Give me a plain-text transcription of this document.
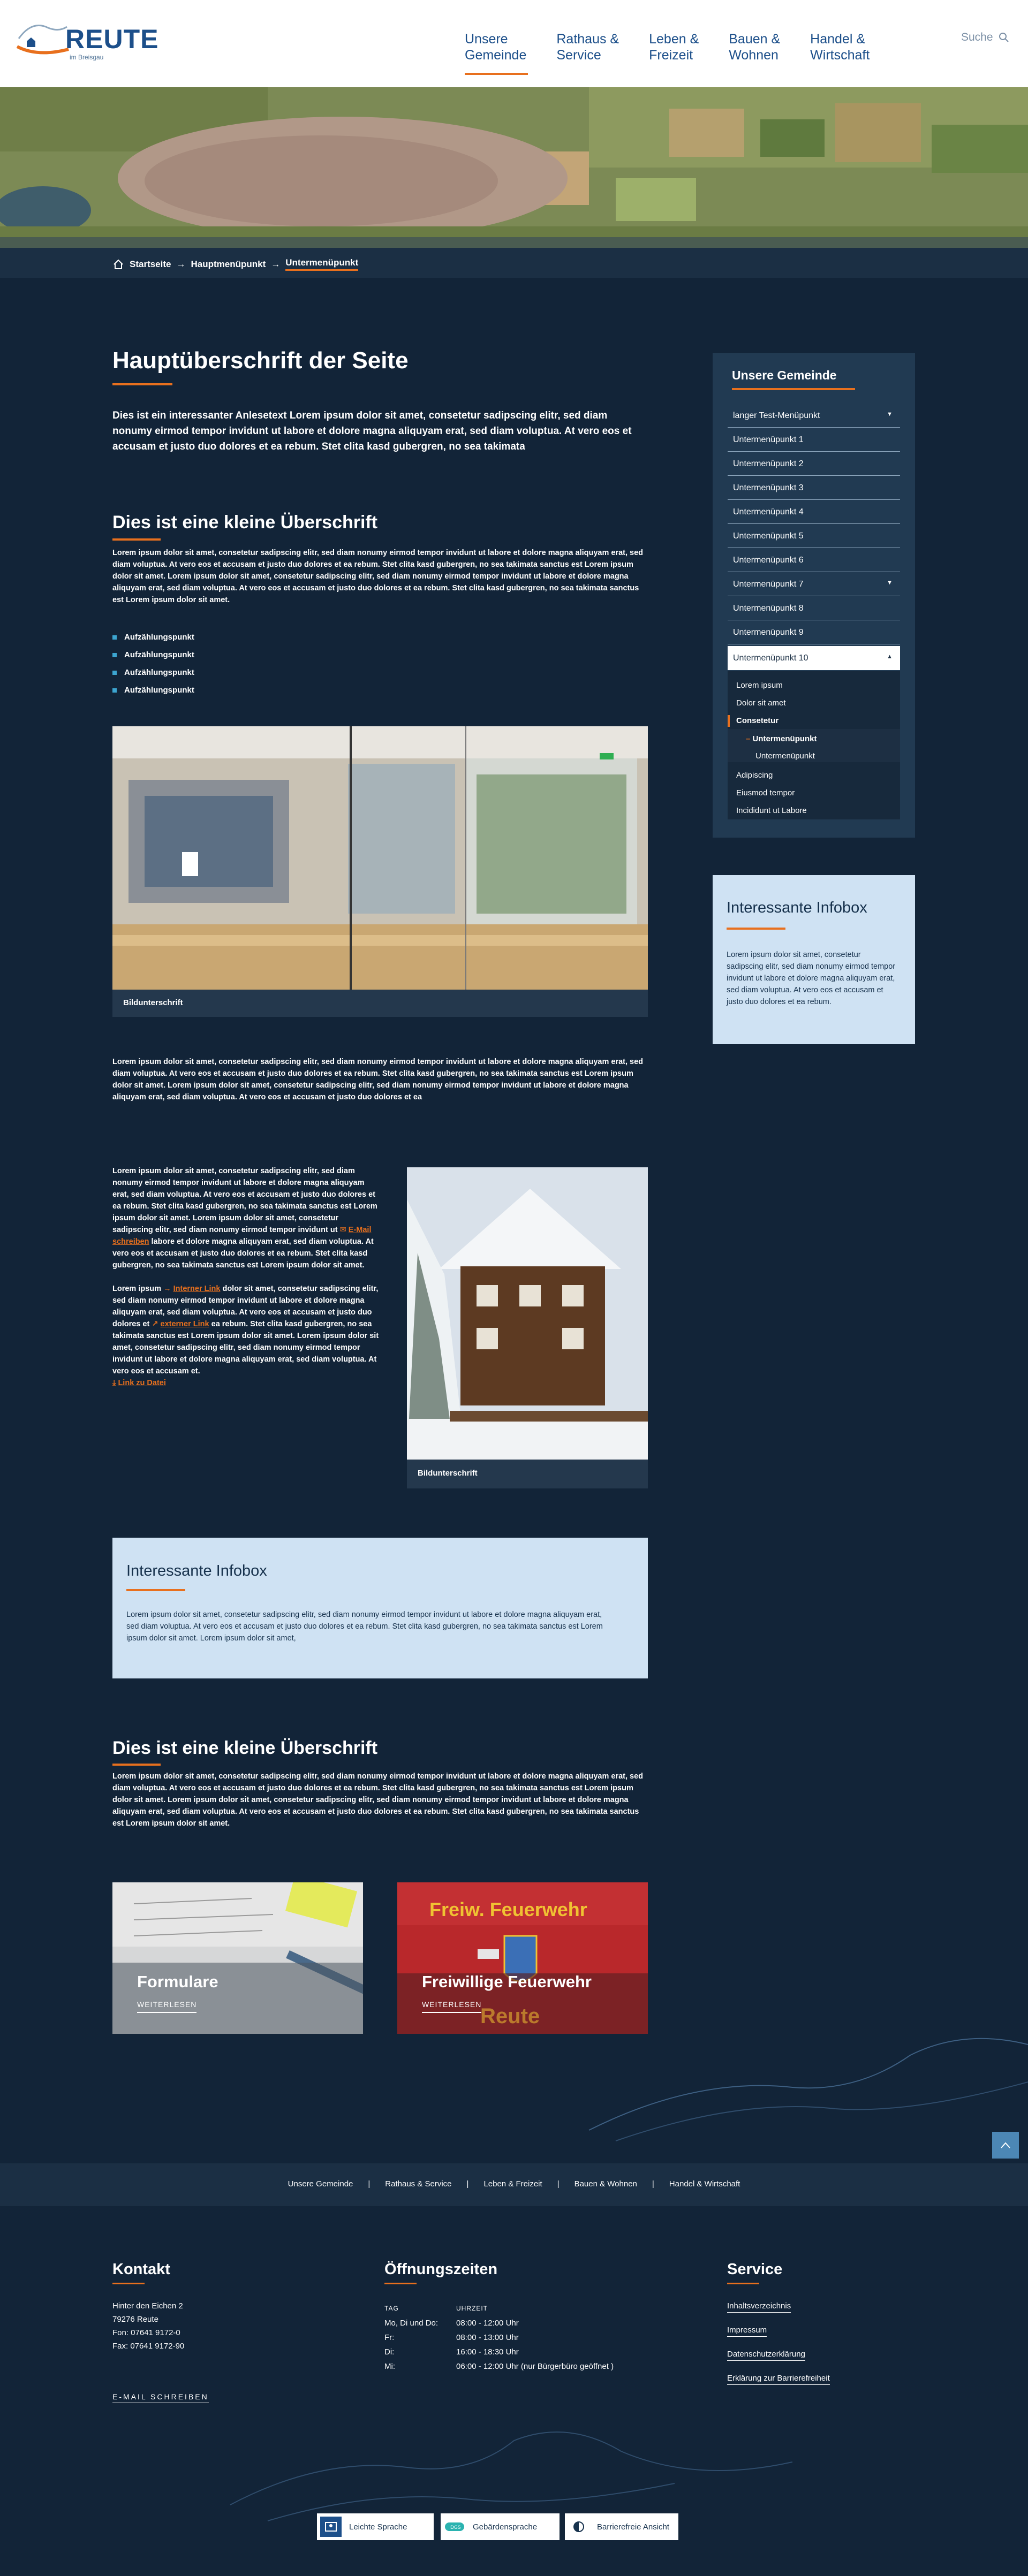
REUTE
im Breisgau
Unsere
Gemeinde
Rathaus &
Service
Leben &
Freizeit
Bauen &
Wohnen
Handel &
Wirtschaft
Suche
Startseite → Hauptmenüpunkt → Untermenüpunkt
Hauptüberschrift der Seite

Dies ist ein interessanter Anlesetext Lorem ipsum dolor sit amet, consetetur sadipscing elitr, sed diam nonumy eirmod tempor invidunt ut labore et dolore magna aliquyam erat, sed diam voluptua. At vero eos et accusam et justo duo dolores et ea rebum. Stet clita kasd gubergren, no sea takimata

Dies ist eine kleine Überschrift

Lorem ipsum dolor sit amet, consetetur sadipscing elitr, sed diam nonumy eirmod tempor invidunt ut labore et dolore magna aliquyam erat, sed diam voluptua. At vero eos et accusam et justo duo dolores et ea rebum. Stet clita kasd gubergren, no sea takimata sanctus est Lorem ipsum dolor sit amet. Lorem ipsum dolor sit amet, consetetur sadipscing elitr, sed diam nonumy eirmod tempor invidunt ut labore et dolore magna aliquyam erat, sed diam voluptua. At vero eos et accusam et justo duo dolores et ea rebum. Stet clita kasd gubergren, no sea takimata sanctus est Lorem ipsum dolor sit amet.

Aufzählungspunkt
Aufzählungspunkt
Aufzählungspunkt
Aufzählungspunkt
Bildunterschrift

Lorem ipsum dolor sit amet, consetetur sadipscing elitr, sed diam nonumy eirmod tempor invidunt ut labore et dolore magna aliquyam erat, sed diam voluptua. At vero eos et accusam et justo duo dolores et ea rebum. Stet clita kasd gubergren, no sea takimata sanctus est Lorem ipsum dolor sit amet. Lorem ipsum dolor sit amet, consetetur sadipscing elitr, sed diam nonumy eirmod tempor invidunt ut labore et dolore magna aliquyam erat, sed diam voluptua. At vero eos et accusam et justo duo dolores et ea

Lorem ipsum dolor sit amet, consetetur sadipscing elitr, sed diam nonumy eirmod tempor invidunt ut labore et dolore magna aliquyam erat, sed diam voluptua. At vero eos et accusam et justo duo dolores et ea rebum. Stet clita kasd gubergren, no sea takimata sanctus est Lorem ipsum dolor sit amet. Lorem ipsum dolor sit amet, consetetur sadipscing elitr, sed diam nonumy eirmod tempor invidunt ut ✉ E-Mail schreiben labore et dolore magna aliquyam erat, sed diam voluptua. At vero eos et accusam et justo duo dolores et ea rebum. Stet clita kasd gubergren, no sea takimata sanctus est Lorem ipsum dolor sit amet.

Lorem ipsum → Interner Link dolor sit amet, consetetur sadipscing elitr, sed diam nonumy eirmod tempor invidunt ut labore et dolore magna aliquyam erat, sed diam voluptua. At vero eos et accusam et justo duo dolores et ↗ externer Link ea rebum. Stet clita kasd gubergren, no sea takimata sanctus est Lorem ipsum dolor sit amet. Lorem ipsum dolor sit amet, consetetur sadipscing elitr, sed diam nonumy eirmod tempor invidunt ut labore et dolore magna aliquyam erat, sed diam voluptua. At vero eos et accusam et.
⤓ Link zu Datei
Bildunterschrift
Interessante Infobox

Lorem ipsum dolor sit amet, consetetur sadipscing elitr, sed diam nonumy eirmod tempor invidunt ut labore et dolore magna aliquyam erat, sed diam voluptua. At vero eos et accusam et justo duo dolores et ea rebum. Stet clita kasd gubergren, no sea takimata sanctus est Lorem ipsum dolor sit amet. Lorem ipsum dolor sit amet,

Dies ist eine kleine Überschrift

Lorem ipsum dolor sit amet, consetetur sadipscing elitr, sed diam nonumy eirmod tempor invidunt ut labore et dolore magna aliquyam erat, sed diam voluptua. At vero eos et accusam et justo duo dolores et ea rebum. Stet clita kasd gubergren, no sea takimata sanctus est Lorem ipsum dolor sit amet. Lorem ipsum dolor sit amet, consetetur sadipscing elitr, sed diam nonumy eirmod tempor invidunt ut labore et dolore magna aliquyam erat, sed diam voluptua. At vero eos et accusam et justo duo dolores et ea rebum. Stet clita kasd gubergren, no sea takimata sanctus est Lorem ipsum dolor sit amet.

Formulare
WEITERLESEN
Freiw. Feuerwehr
Reute
Freiwillige Feuerwehr
WEITERLESEN
Unsere Gemeinde
langer Test-Menüpunkt	▼
Untermenüpunkt 1
Untermenüpunkt 2
Untermenüpunkt 3
Untermenüpunkt 4
Untermenüpunkt 5
Untermenüpunkt 6
Untermenüpunkt 7	▼
Untermenüpunkt 8
Untermenüpunkt 9
Untermenüpunkt 10	▲
Lorem ipsum
Dolor sit amet
Consetetur
– Untermenüpunkt
Untermenüpunkt
Adipiscing
Eiusmod tempor
Incididunt ut Labore
Interessante Infobox

Lorem ipsum dolor sit amet, consetetur sadipscing elitr, sed diam nonumy eirmod tempor invidunt ut labore et dolore magna aliquyam erat, sed diam voluptua. At vero eos et accusam et justo duo dolores et ea rebum.

Unsere Gemeinde	|	Rathaus & Service	|	Leben & Freizeit	|	Bauen & Wohnen	|	Handel & Wirtschaft
Kontakt
Hinter den Eichen 2
79276 Reute
Fon: 07641 9172-0
Fax: 07641 9172-90
E-MAIL SCHREIBEN
Öffnungszeiten
TAG	UHRZEIT
Mo, Di und Do:	08:00 - 12:00 Uhr
Fr:	08:00 - 13:00 Uhr
Di:	16:00 - 18:30 Uhr
Mi:	06:00 - 12:00 Uhr (nur Bürgerbüro geöffnet )
Service
Inhaltsverzeichnis
Impressum
Datenschutzerklärung
Erklärung zur Barrierefreiheit
Leichte Sprache	DGS Gebärdensprache	Barrierefreie Ansicht
